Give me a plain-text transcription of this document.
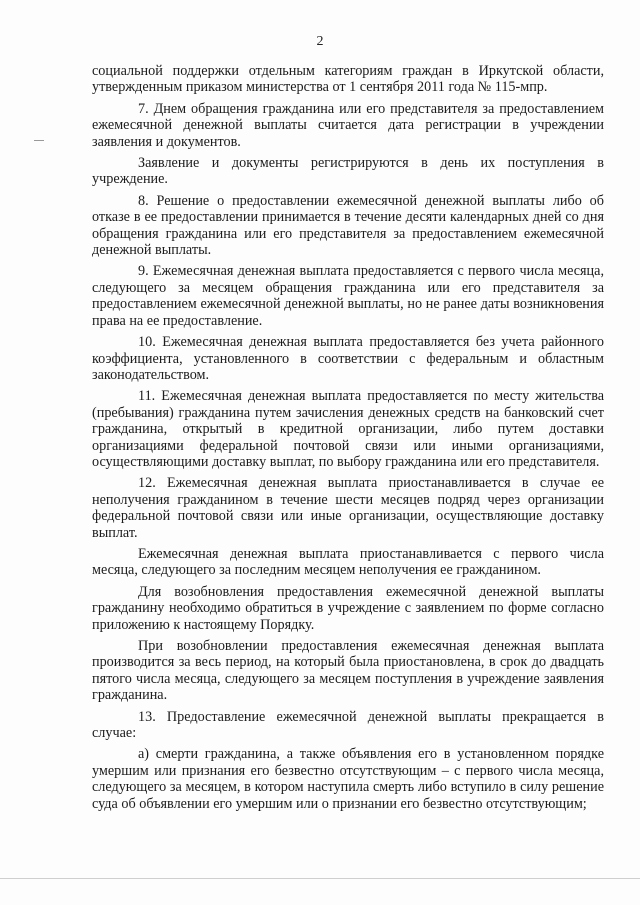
2

социальной поддержки отдельным категориям граждан в Иркутской области, утвержденным приказом министерства от 1 сентября 2011 года № 115-мпр.

7. Днем обращения гражданина или его представителя за предоставлением ежемесячной денежной выплаты считается дата регистрации в учреждении заявления и документов.

Заявление и документы регистрируются в день их поступления в учреждение.

8. Решение о предоставлении ежемесячной денежной выплаты либо об отказе в ее предоставлении принимается в течение десяти календарных дней со дня обращения гражданина или его представителя за предоставлением ежемесячной денежной выплаты.

9. Ежемесячная денежная выплата предоставляется с первого числа месяца, следующего за месяцем обращения гражданина или его представителя за предоставлением ежемесячной денежной выплаты, но не ранее даты возникновения права на ее предоставление.

10. Ежемесячная денежная выплата предоставляется без учета районного коэффициента, установленного в соответствии с федеральным и областным законодательством.

11. Ежемесячная денежная выплата предоставляется по месту жительства (пребывания) гражданина путем зачисления денежных средств на банковский счет гражданина, открытый в кредитной организации, либо путем доставки организациями федеральной почтовой связи или иными организациями, осуществляющими доставку выплат, по выбору гражданина или его представителя.

12. Ежемесячная денежная выплата приостанавливается в случае ее неполучения гражданином в течение шести месяцев подряд через организации федеральной почтовой связи или иные организации, осуществляющие доставку выплат.

Ежемесячная денежная выплата приостанавливается с первого числа месяца, следующего за последним месяцем неполучения ее гражданином.

Для возобновления предоставления ежемесячной денежной выплаты гражданину необходимо обратиться в учреждение с заявлением по форме согласно приложению к настоящему Порядку.

При возобновлении предоставления ежемесячная денежная выплата производится за весь период, на который была приостановлена, в срок до двадцать пятого числа месяца, следующего за месяцем поступления в учреждение заявления гражданина.

13. Предоставление ежемесячной денежной выплаты прекращается в случае:

а) смерти гражданина, а также объявления его в установленном порядке умершим или признания его безвестно отсутствующим – с первого числа месяца, следующего за месяцем, в котором наступила смерть либо вступило в силу решение суда об объявлении его умершим или о признании его безвестно отсутствующим;
